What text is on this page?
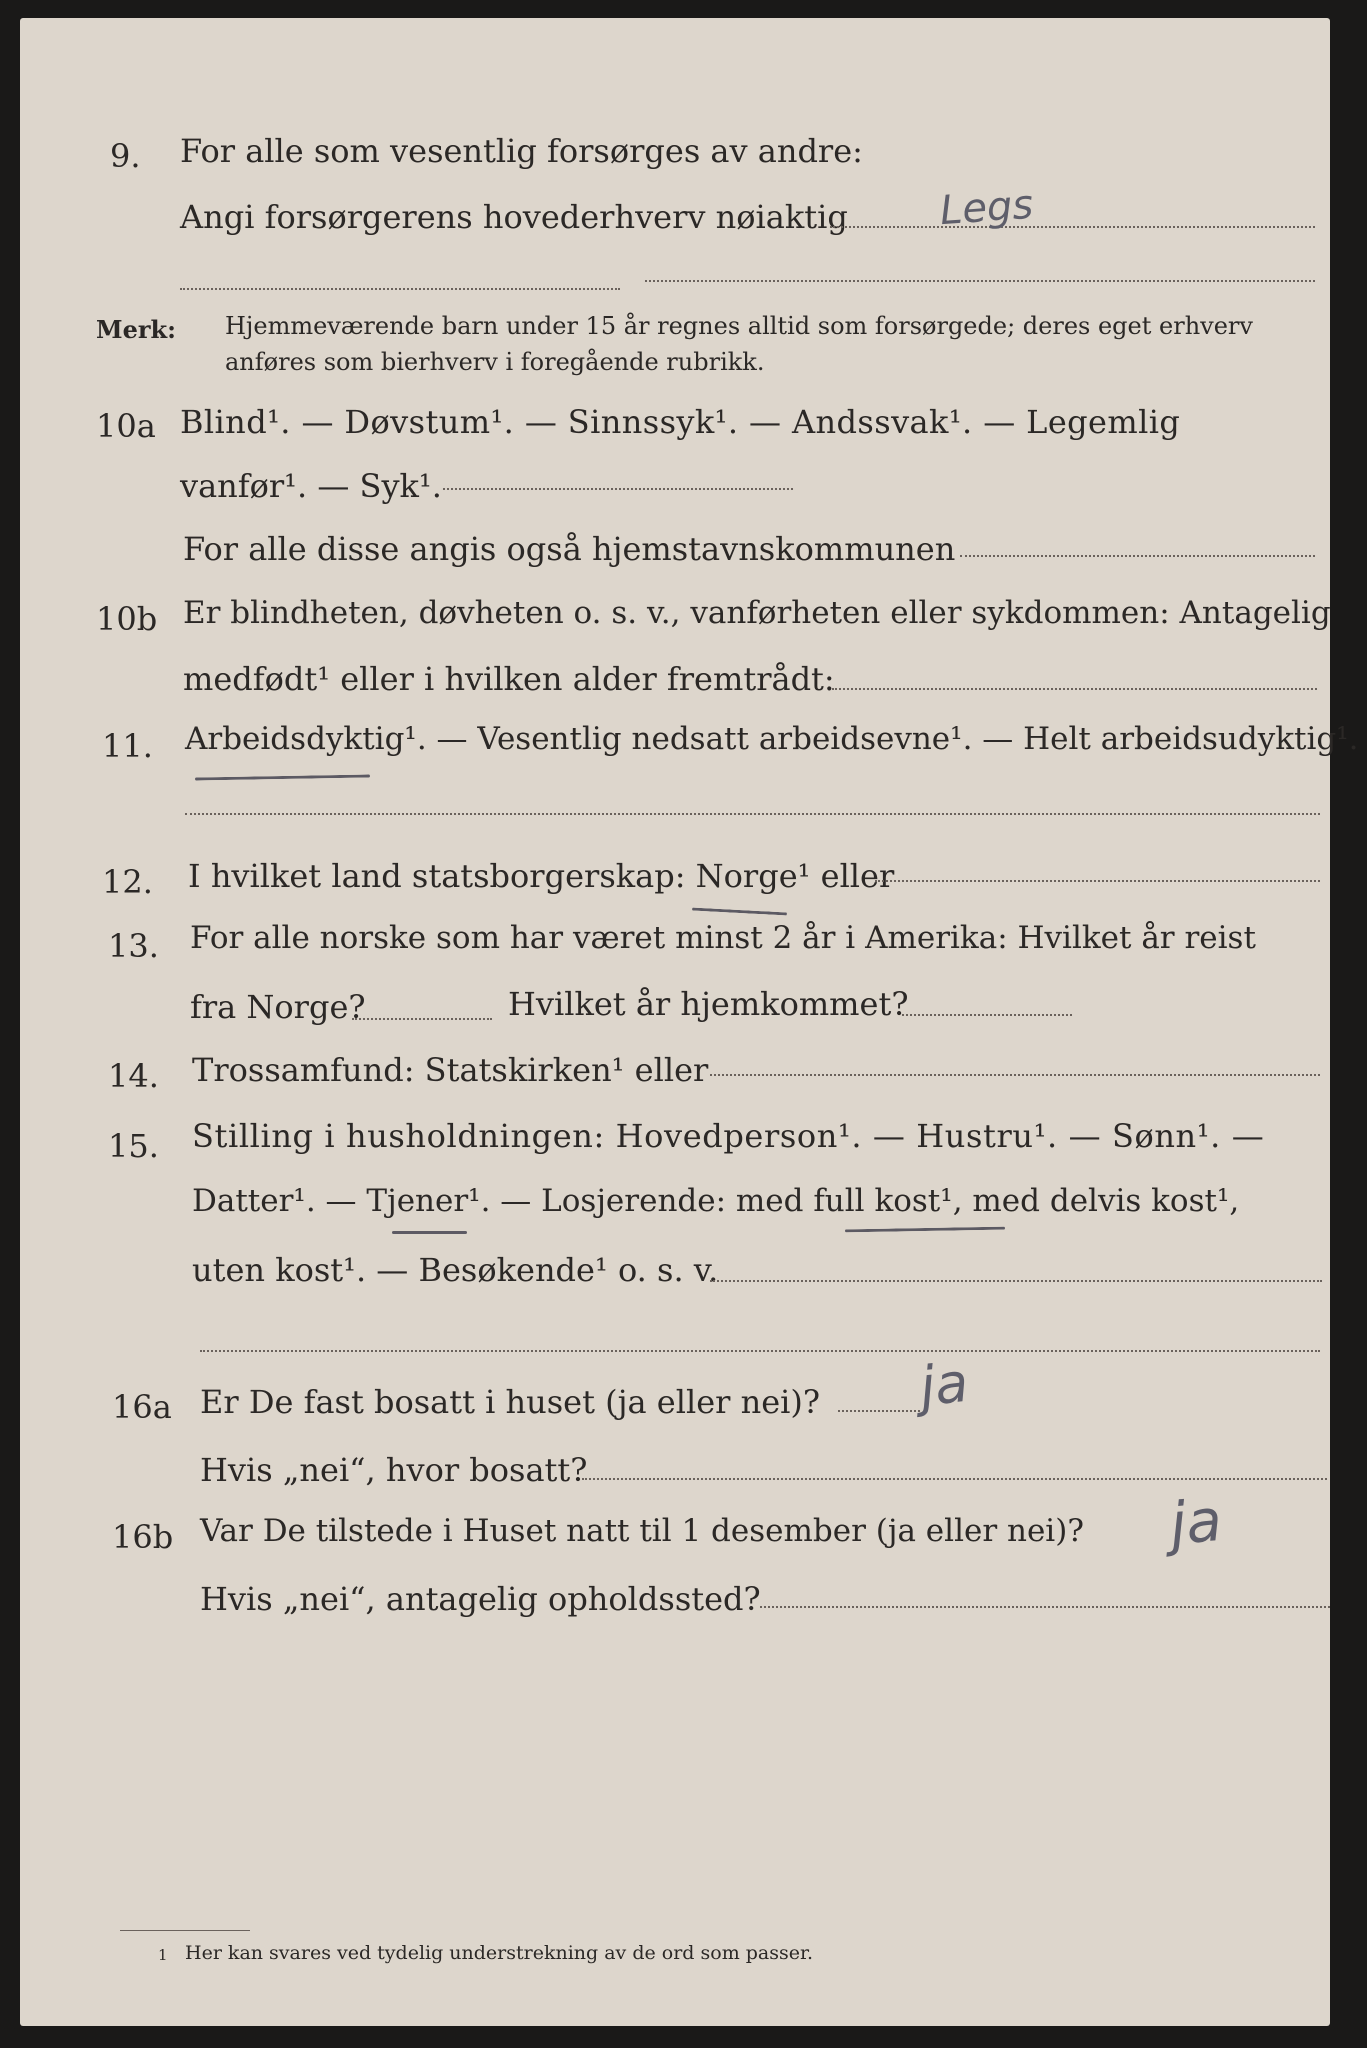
9. For alle som vesentlig forsørges av andre:
Angi forsørgerens hovederhverv nøiaktig Legs
Merk: Hjemmeværende barn under 15 år regnes alltid som forsørgede; deres eget erhverv
anføres som bierhverv i foregående rubrikk.
10a Blind¹. — Døvstum¹. — Sinnssyk¹. — Andssvak¹. — Legemlig
vanfør¹. — Syk¹.
For alle disse angis også hjemstavnskommunen
10b Er blindheten, døvheten o. s. v., vanførheten eller sykdommen: Antagelig
medfødt¹ eller i hvilken alder fremtrådt:
11. Arbeidsdyktig¹. — Vesentlig nedsatt arbeidsevne¹. — Helt arbeidsudyktig¹.
12. I hvilket land statsborgerskap: Norge¹ eller
13. For alle norske som har været minst 2 år i Amerika: Hvilket år reist
fra Norge?	Hvilket år hjemkommet?
14. Trossamfund: Statskirken¹ eller
15. Stilling i husholdningen: Hovedperson¹. — Hustru¹. — Sønn¹. —
Datter¹. — Tjener¹. — Losjerende: med full kost¹, med delvis kost¹,
uten kost¹. — Besøkende¹ o. s. v.
16a Er De fast bosatt i huset (ja eller nei)? ja
Hvis „nei“, hvor bosatt?
16b Var De tilstede i Huset natt til 1 desember (ja eller nei)? ja
Hvis „nei“, antagelig opholdssted?
1 Her kan svares ved tydelig understrekning av de ord som passer.
